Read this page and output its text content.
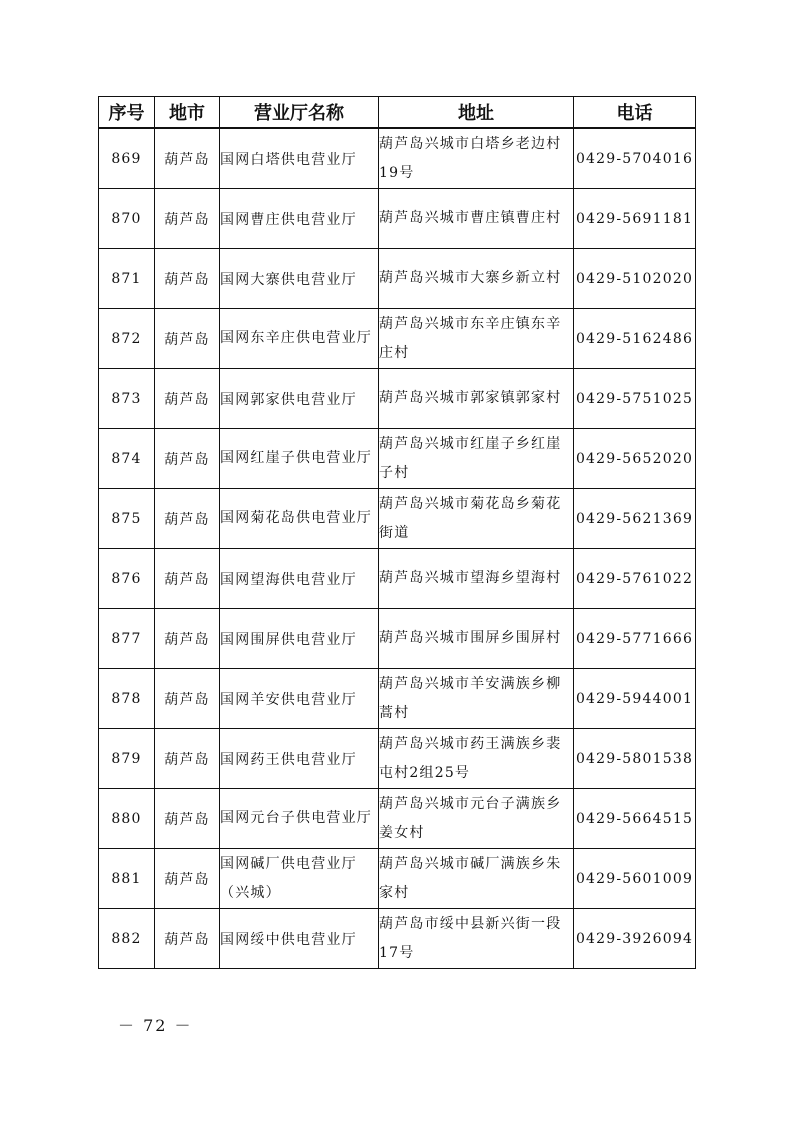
序号	地市	营业厅名称	地址	电话
869	葫芦岛	国网白塔供电营业厅	葫芦岛兴城市白塔乡老边村19号	0429-5704016
870	葫芦岛	国网曹庄供电营业厅	葫芦岛兴城市曹庄镇曹庄村	0429-5691181
871	葫芦岛	国网大寨供电营业厅	葫芦岛兴城市大寨乡新立村	0429-5102020
872	葫芦岛	国网东辛庄供电营业厅	葫芦岛兴城市东辛庄镇东辛庄村	0429-5162486
873	葫芦岛	国网郭家供电营业厅	葫芦岛兴城市郭家镇郭家村	0429-5751025
874	葫芦岛	国网红崖子供电营业厅	葫芦岛兴城市红崖子乡红崖子村	0429-5652020
875	葫芦岛	国网菊花岛供电营业厅	葫芦岛兴城市菊花岛乡菊花街道	0429-5621369
876	葫芦岛	国网望海供电营业厅	葫芦岛兴城市望海乡望海村	0429-5761022
877	葫芦岛	国网围屏供电营业厅	葫芦岛兴城市围屏乡围屏村	0429-5771666
878	葫芦岛	国网羊安供电营业厅	葫芦岛兴城市羊安满族乡柳蒿村	0429-5944001
879	葫芦岛	国网药王供电营业厅	葫芦岛兴城市药王满族乡裴屯村2组25号	0429-5801538
880	葫芦岛	国网元台子供电营业厅	葫芦岛兴城市元台子满族乡姜女村	0429-5664515
881	葫芦岛	国网碱厂供电营业厅（兴城）	葫芦岛兴城市碱厂满族乡朱家村	0429-5601009
882	葫芦岛	国网绥中供电营业厅	葫芦岛市绥中县新兴街一段17号	0429-3926094
－ 72 －
